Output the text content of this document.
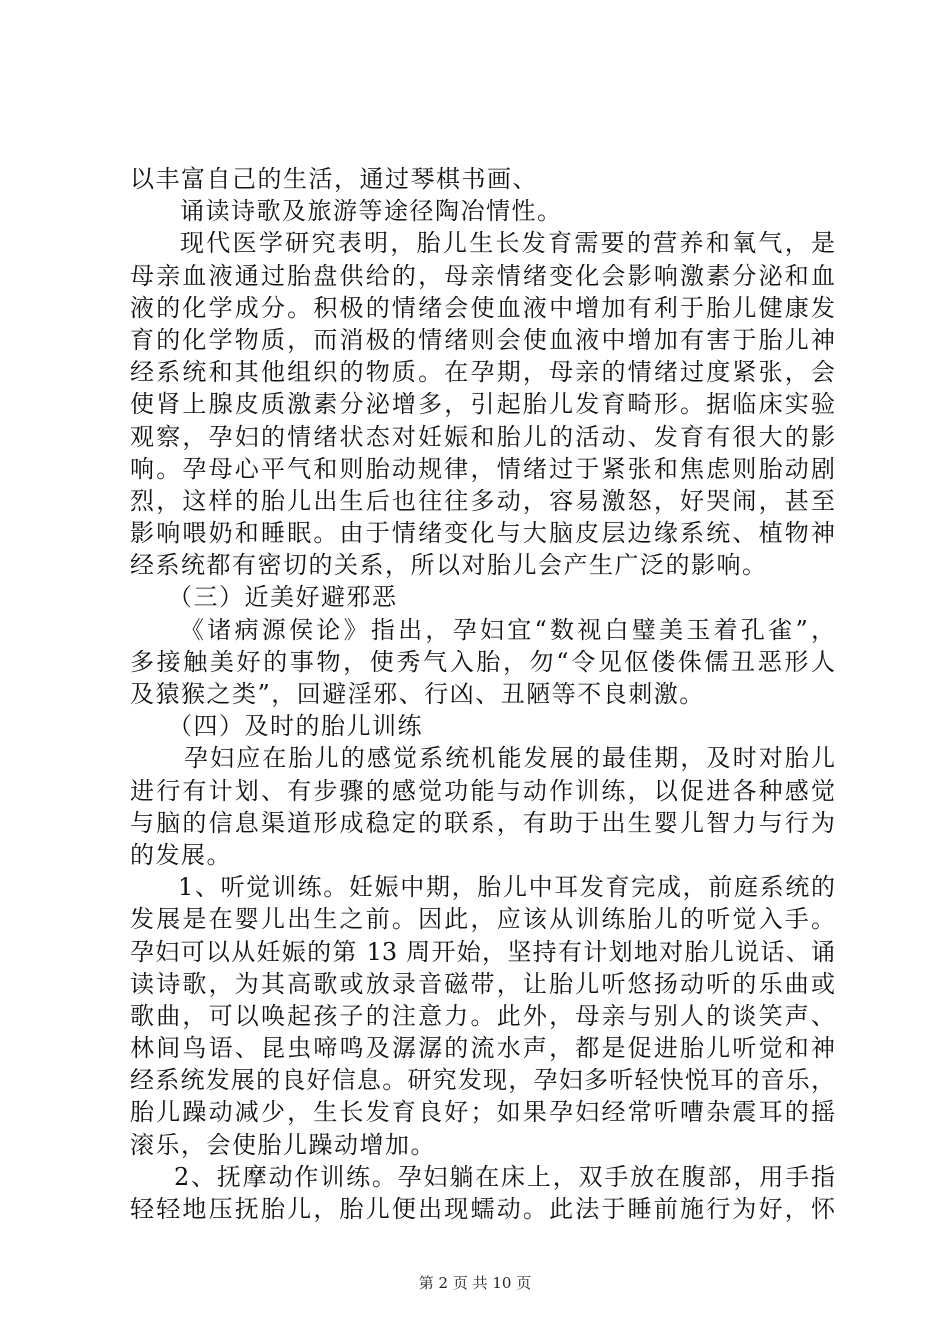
以丰富自己的生活，通过琴棋书画、
诵读诗歌及旅游等途径陶冶情性。
现代医学研究表明，胎儿生长发育需要的营养和氧气，是
母亲血液通过胎盘供给的，母亲情绪变化会影响激素分泌和血
液的化学成分。积极的情绪会使血液中增加有利于胎儿健康发
育的化学物质，而消极的情绪则会使血液中增加有害于胎儿神
经系统和其他组织的物质。在孕期，母亲的情绪过度紧张，会
使肾上腺皮质激素分泌增多，引起胎儿发育畸形。据临床实验
观察，孕妇的情绪状态对妊娠和胎儿的活动、发育有很大的影
响。孕母心平气和则胎动规律，情绪过于紧张和焦虑则胎动剧
烈，这样的胎儿出生后也往往多动，容易激怒，好哭闹，甚至
影响喂奶和睡眠。由于情绪变化与大脑皮层边缘系统、植物神
经系统都有密切的关系，所以对胎儿会产生广泛的影响。
（三）近美好避邪恶
《诸病源侯论》指出，孕妇宜“数视白璧美玉着孔雀”，
多接触美好的事物，使秀气入胎，勿“令见伛偻侏儒丑恶形人
及猿猴之类”，回避淫邪、行凶、丑陋等不良刺激。
（四）及时的胎儿训练
孕妇应在胎儿的感觉系统机能发展的最佳期，及时对胎儿
进行有计划、有步骤的感觉功能与动作训练，以促进各种感觉
与脑的信息渠道形成稳定的联系，有助于出生婴儿智力与行为
的发展。
1、听觉训练。妊娠中期，胎儿中耳发育完成，前庭系统的
发展是在婴儿出生之前。因此，应该从训练胎儿的听觉入手。
孕妇可以从妊娠的第 13 周开始，坚持有计划地对胎儿说话、诵
读诗歌，为其高歌或放录音磁带，让胎儿听悠扬动听的乐曲或
歌曲，可以唤起孩子的注意力。此外，母亲与别人的谈笑声、
林间鸟语、昆虫啼鸣及潺潺的流水声，都是促进胎儿听觉和神
经系统发展的良好信息。研究发现，孕妇多听轻快悦耳的音乐，
胎儿躁动减少，生长发育良好；如果孕妇经常听嘈杂震耳的摇
滚乐，会使胎儿躁动增加。
2、抚摩动作训练。孕妇躺在床上，双手放在腹部，用手指
轻轻地压抚胎儿，胎儿便出现蠕动。此法于睡前施行为好，怀
第 2 页 共 10 页
